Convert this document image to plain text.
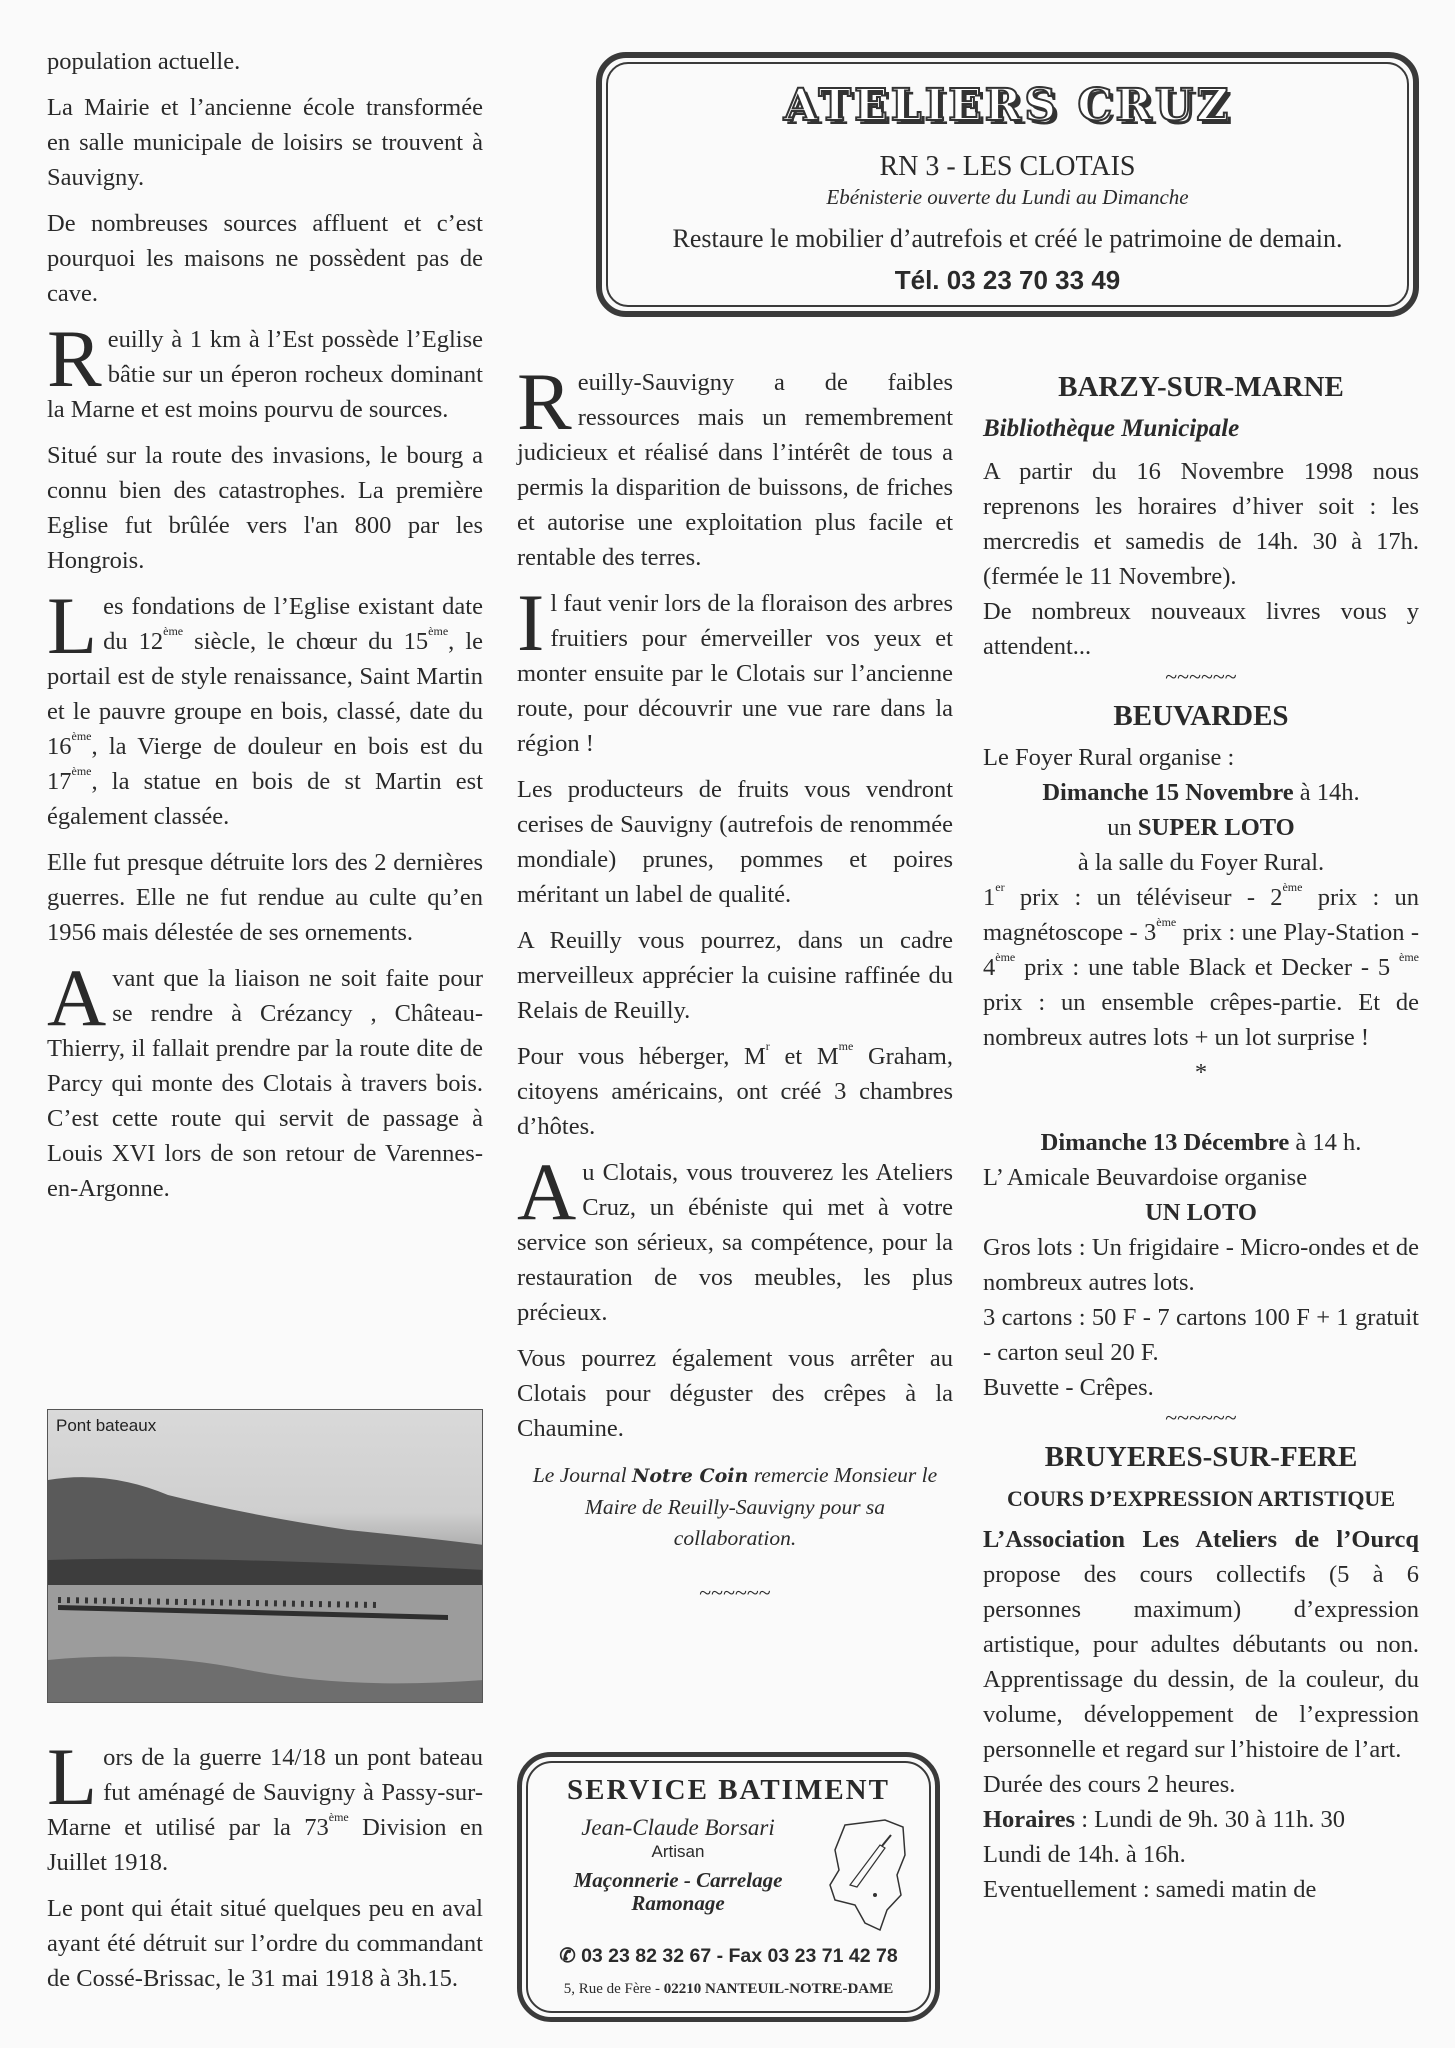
population actuelle.

La Mairie et l’ancienne école transformée en salle municipale de loisirs se trouvent à Sauvigny.

De nombreuses sources affluent et c’est pourquoi les maisons ne possèdent pas de cave.

Reuilly à 1 km à l’Est possède l’Eglise bâtie sur un éperon rocheux dominant la Marne et est moins pourvu de sources.

Situé sur la route des invasions, le bourg a connu bien des catastrophes. La première Eglise fut brûlée vers l'an 800 par les Hongrois.

Les fondations de l’Eglise existant date du 12ème siècle, le chœur du 15ème, le portail est de style renaissance, Saint Martin et le pauvre groupe en bois, classé, date du 16ème, la Vierge de douleur en bois est du 17ème, la statue en bois de st Martin est également classée.

Elle fut presque détruite lors des 2 dernières guerres. Elle ne fut rendue au culte qu’en 1956 mais délestée de ses ornements.

Avant que la liaison ne soit faite pour se rendre à Crézancy , Château-Thierry, il fallait prendre par la route dite de Parcy qui monte des Clotais à travers bois. C’est cette route qui servit de passage à Louis XVI lors de son retour de Varennes-en-Argonne.

Pont bateaux

Lors de la guerre 14/18 un pont bateau fut aménagé de Sauvigny à Passy-sur-Marne et utilisé par la 73ème Division en Juillet 1918.

Le pont qui était situé quelques peu en aval ayant été détruit sur l’ordre du commandant de Cossé-Brissac, le 31 mai 1918 à 3h.15.

ATELIERS CRUZ
RN 3 - LES CLOTAIS
Ebénisterie ouverte du Lundi au Dimanche
Restaure le mobilier d’autrefois et créé le patrimoine de demain.
Tél. 03 23 70 33 49

Reuilly-Sauvigny a de faibles ressources mais un remembrement judicieux et réalisé dans l’intérêt de tous a permis la disparition de buissons, de friches et autorise une exploitation plus facile et rentable des terres.

Il faut venir lors de la floraison des arbres fruitiers pour émerveiller vos yeux et monter ensuite par le Clotais sur l’ancienne route, pour découvrir une vue rare dans la région !

Les producteurs de fruits vous vendront cerises de Sauvigny (autrefois de renommée mondiale) prunes, pommes et poires méritant un label de qualité.

A Reuilly vous pourrez, dans un cadre merveilleux apprécier la cuisine raffinée du Relais de Reuilly.

Pour vous héberger, $M^r$ et $M^{me}$ Graham, citoyens américains, ont créé 3 chambres d’hôtes.

Au Clotais, vous trouverez les Ateliers Cruz, un ébéniste qui met à votre service son sérieux, sa compétence, pour la restauration de vos meubles, les plus précieux.

Vous pourrez également vous arrêter au Clotais pour déguster des crêpes à la Chaumine.

Le Journal Notre Coin remercie Monsieur le Maire de Reuilly-Sauvigny pour sa collaboration.
~~~~~~
SERVICE BATIMENT
Jean-Claude Borsari
Artisan
Maçonnerie - Carrelage
Ramonage
✆ 03 23 82 32 67 - Fax 03 23 71 42 78
5, Rue de Fère - 02210 NANTEUIL-NOTRE-DAME
BARZY-SUR-MARNE
Bibliothèque Municipale

A partir du 16 Novembre 1998 nous reprenons les horaires d’hiver soit : les mercredis et samedis de 14h. 30 à 17h. (fermée le 11 Novembre).

De nombreux nouveaux livres vous y attendent...

~~~~~~
BEUVARDES

Le Foyer Rural organise :

Dimanche 15 Novembre à 14h.
un SUPER LOTO
à la salle du Foyer Rural.

1er prix : un téléviseur - 2ème prix : un magnétoscope - 3ème prix : une Play-Station - 4ème prix : une table Black et Decker - 5 $^{ème}$ prix : un ensemble crêpes-partie. Et de nombreux autres lots + un lot surprise !

*

Dimanche 13 Décembre à 14 h.

L’ Amicale Beuvardoise organise

UN LOTO

Gros lots : Un frigidaire - Micro-ondes et de nombreux autres lots.

3 cartons : 50 F - 7 cartons 100 F + 1 gratuit - carton seul 20 F.

Buvette - Crêpes.

~~~~~~
BRUYERES-SUR-FERE
COURS D’EXPRESSION ARTISTIQUE

L’Association Les Ateliers de l’Ourcq propose des cours collectifs (5 à 6 personnes maximum) d’expression artistique, pour adultes débutants ou non. Apprentissage du dessin, de la couleur, du volume, développement de l’expression personnelle et regard sur l’histoire de l’art.

Durée des cours 2 heures.

Horaires : Lundi de 9h. 30 à 11h. 30

Lundi de 14h. à 16h.

Eventuellement : samedi matin de
